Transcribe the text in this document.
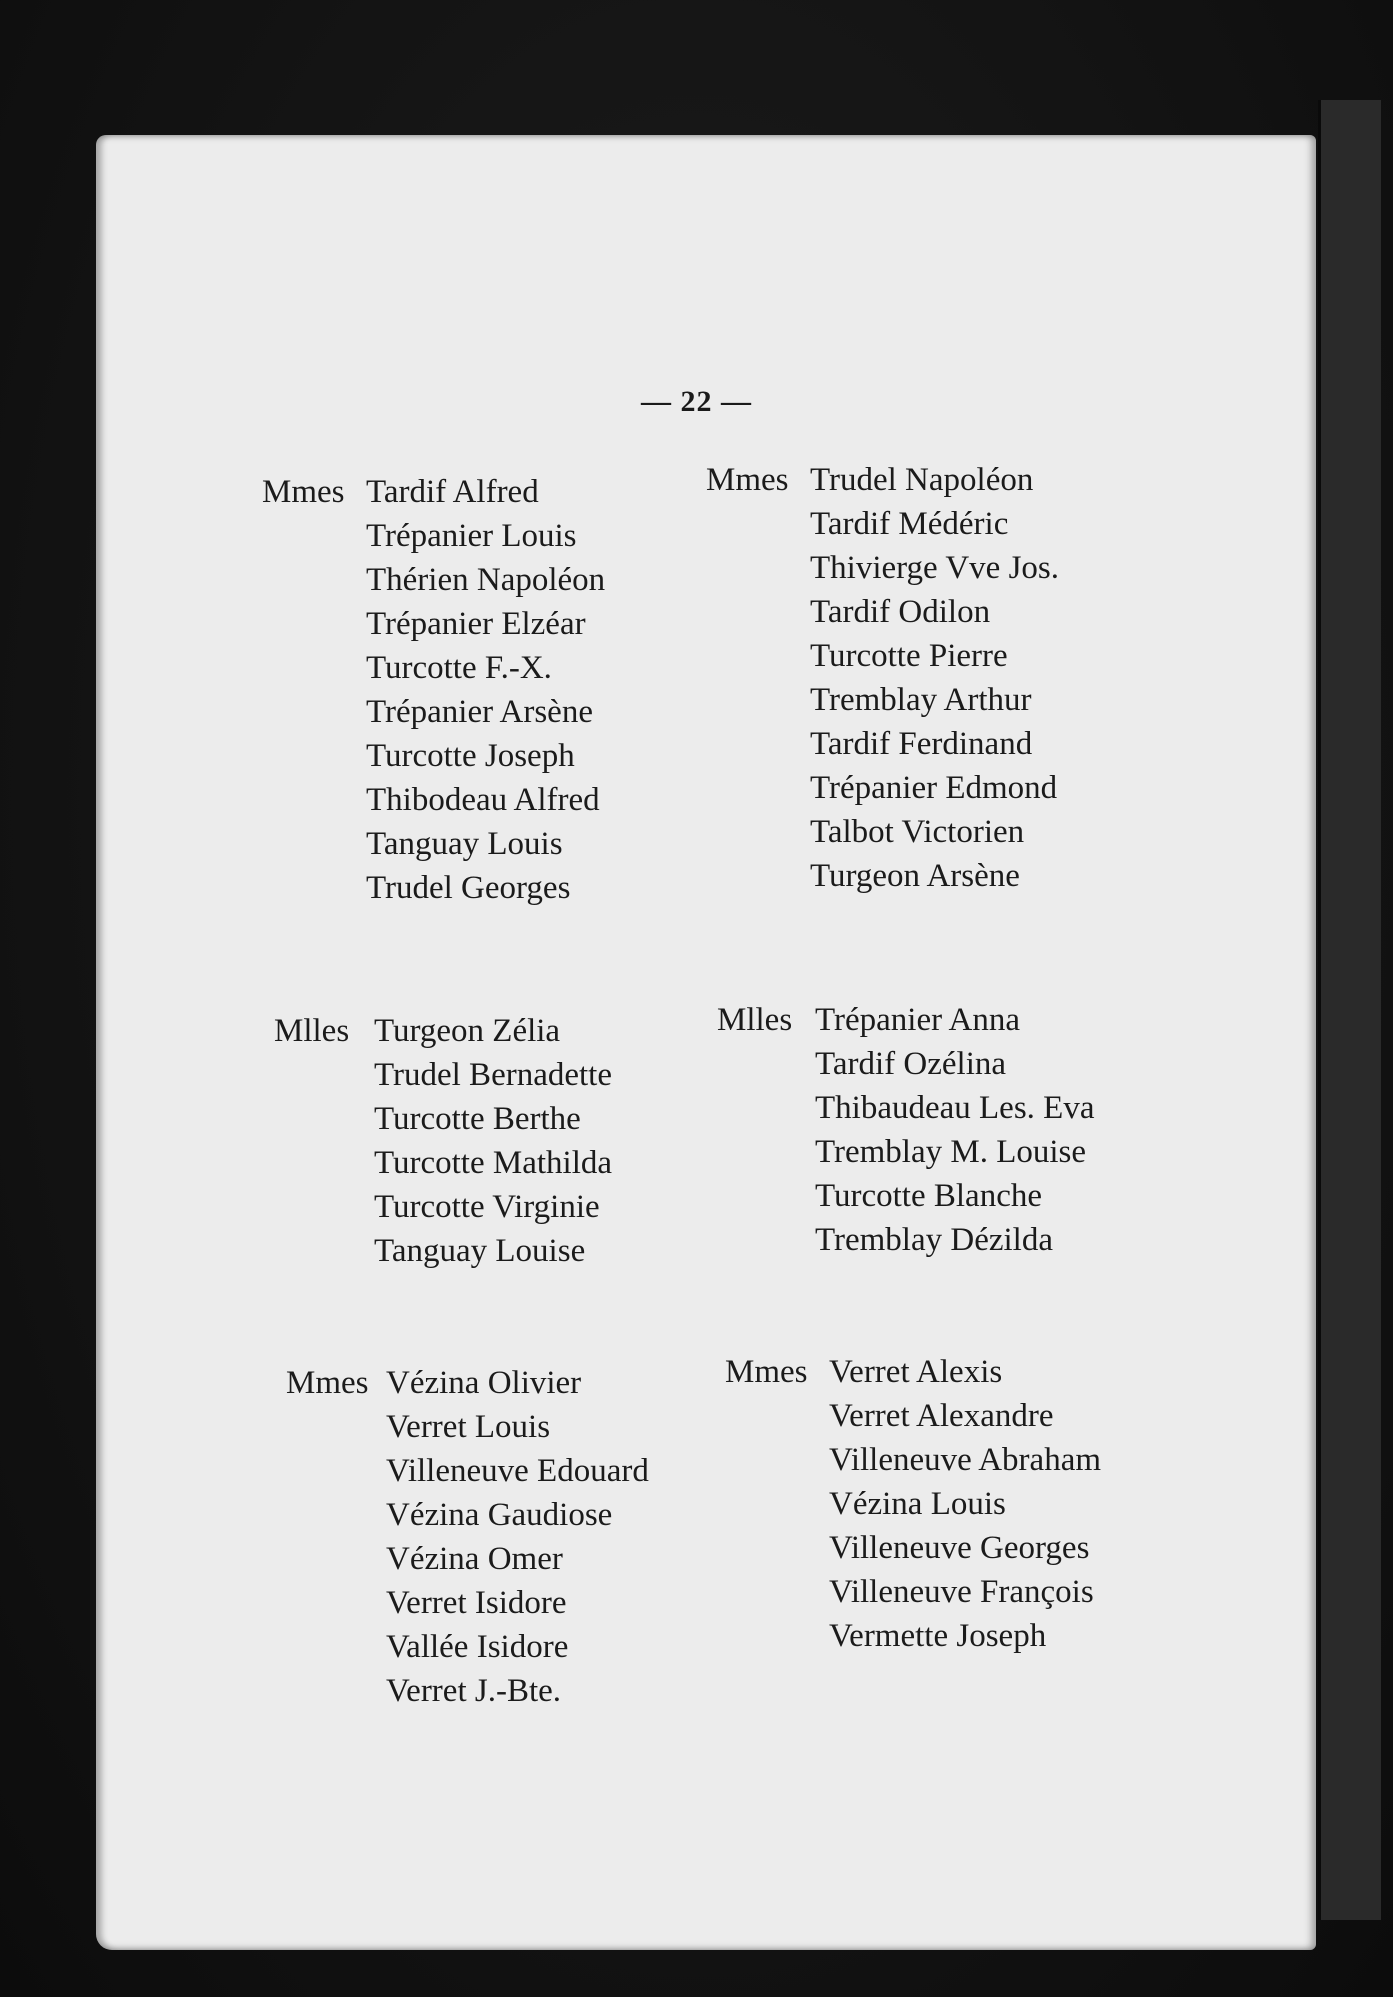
— 22 —
Mmes Tardif Alfred
Trépanier Louis
Thérien Napoléon
Trépanier Elzéar
Turcotte F.-X.
Trépanier Arsène
Turcotte Joseph
Thibodeau Alfred
Tanguay Louis
Trudel Georges
Mmes Trudel Napoléon
Tardif Médéric
Thivierge Vve Jos.
Tardif Odilon
Turcotte Pierre
Tremblay Arthur
Tardif Ferdinand
Trépanier Edmond
Talbot Victorien
Turgeon Arsène
Mlles Turgeon Zélia
Trudel Bernadette
Turcotte Berthe
Turcotte Mathilda
Turcotte Virginie
Tanguay Louise
Mlles Trépanier Anna
Tardif Ozélina
Thibaudeau Les. Eva
Tremblay M. Louise
Turcotte Blanche
Tremblay Dézilda
Mmes Vézina Olivier
Verret Louis
Villeneuve Edouard
Vézina Gaudiose
Vézina Omer
Verret Isidore
Vallée Isidore
Verret J.-Bte.
Mmes Verret Alexis
Verret Alexandre
Villeneuve Abraham
Vézina Louis
Villeneuve Georges
Villeneuve François
Vermette Joseph
